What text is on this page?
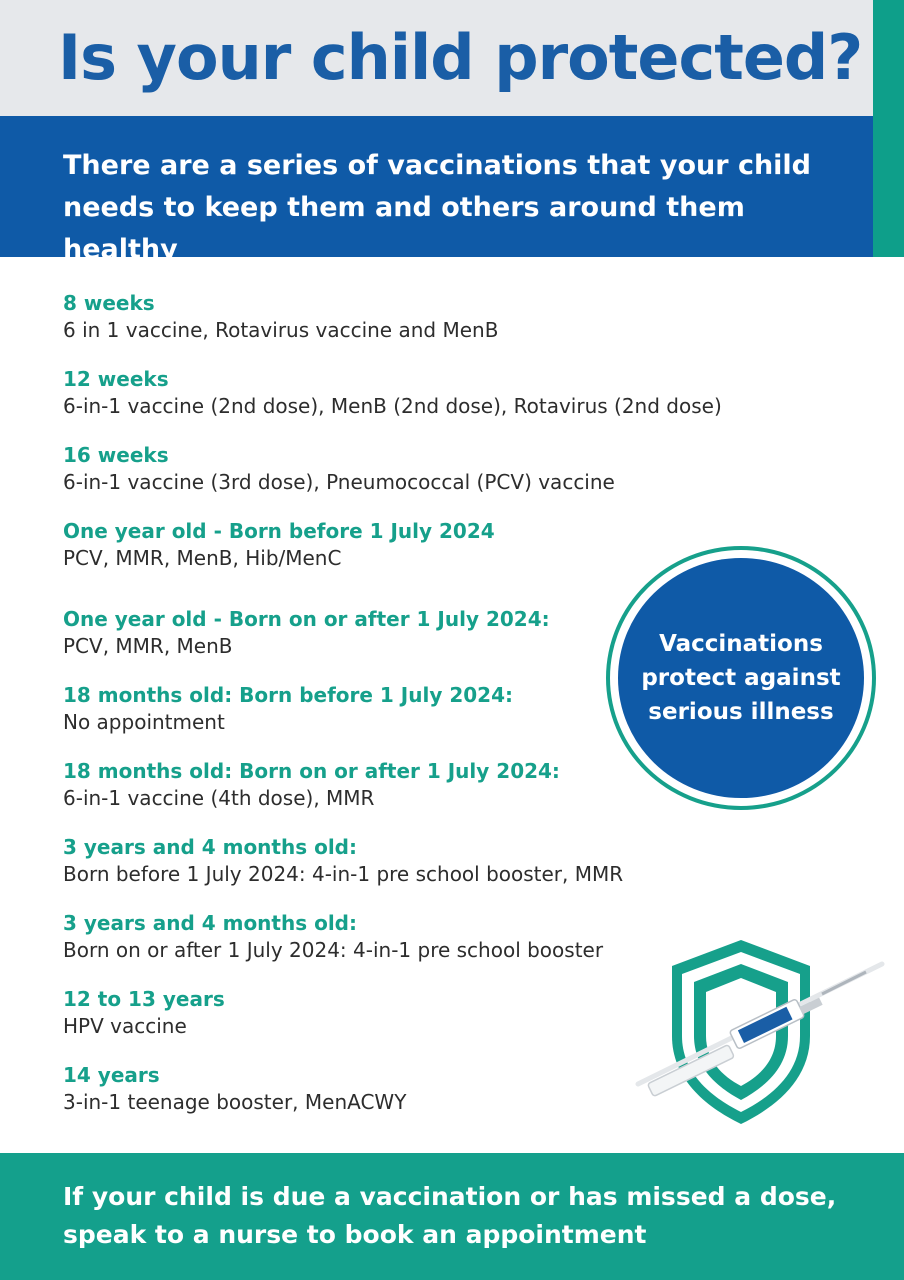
Is your child protected?

There are a series of vaccinations that your child needs to keep them and others around them healthy

8 weeks
6 in 1 vaccine, Rotavirus vaccine and MenB
12 weeks
6-in-1 vaccine (2nd dose), MenB (2nd dose), Rotavirus (2nd dose)
16 weeks
6-in-1 vaccine (3rd dose), Pneumococcal (PCV) vaccine
One year old - Born before 1 July 2024
PCV, MMR, MenB, Hib/MenC
One year old - Born on or after 1 July 2024:
PCV, MMR, MenB
18 months old: Born before 1 July 2024:
No appointment
18 months old: Born on or after 1 July 2024:
6-in-1 vaccine (4th dose), MMR
3 years and 4 months old:
Born before 1 July 2024: 4-in-1 pre school booster, MMR
3 years and 4 months old:
Born on or after 1 July 2024: 4-in-1 pre school booster
12 to 13 years
HPV vaccine
14 years
3-in-1 teenage booster, MenACWY
Vaccinations protect against serious illness

If your child is due a vaccination or has missed a dose, speak to a nurse to book an appointment
